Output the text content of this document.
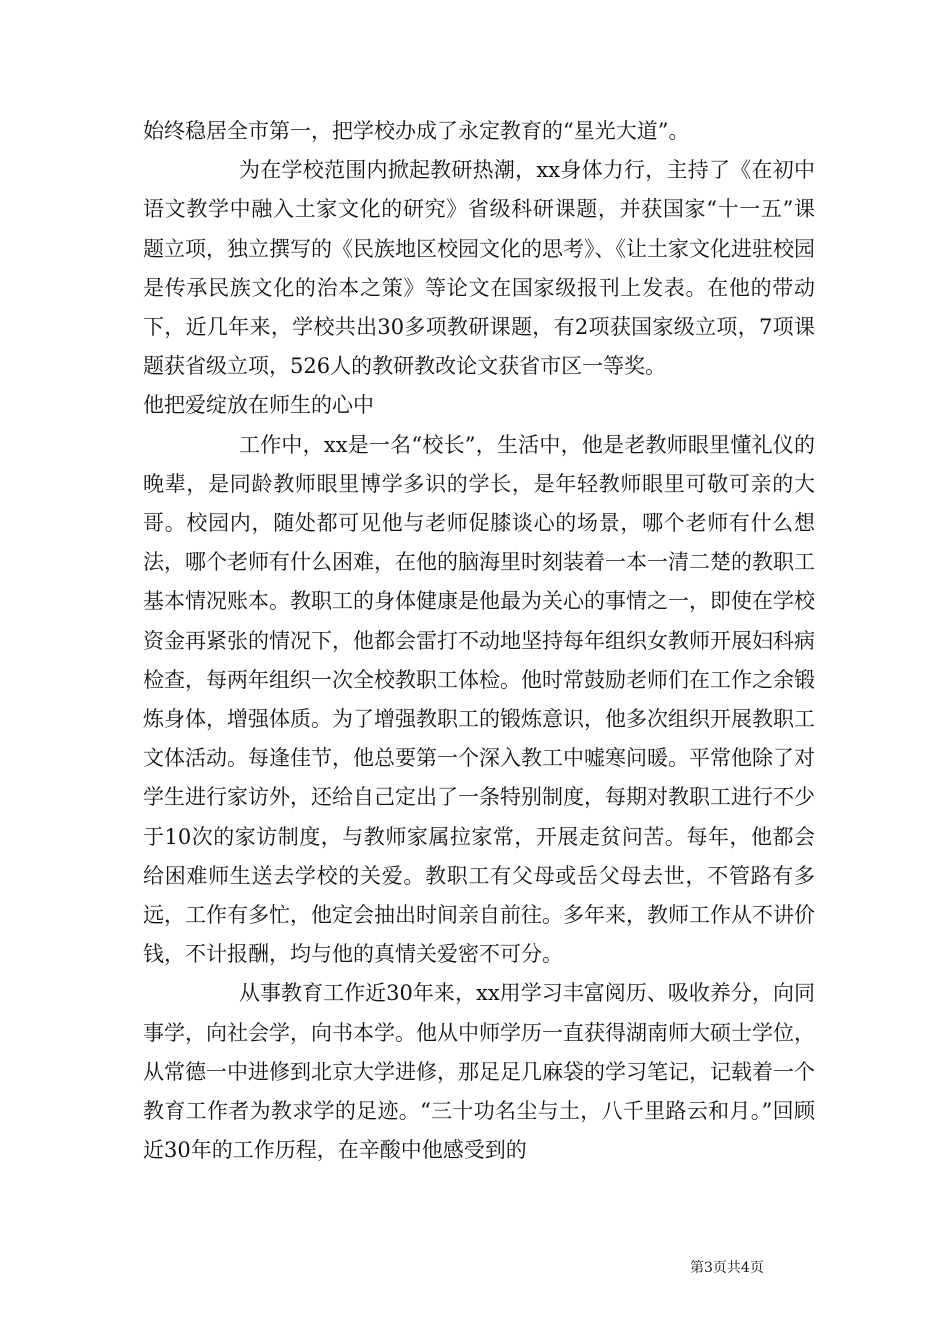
始终稳居全市第一，把学校办成了永定教育的“星光大道”。

为在学校范围内掀起教研热潮，xx身体力行，主持了《在初中语文教学中融入土家文化的研究》省级科研课题，并获国家“十一五”课题立项，独立撰写的《民族地区校园文化的思考》、《让土家文化进驻校园是传承民族文化的治本之策》等论文在国家级报刊上发表。在他的带动下，近几年来，学校共出30多项教研课题，有2项获国家级立项，7项课题获省级立项，526人的教研教改论文获省市区一等奖。

他把爱绽放在师生的心中

工作中，xx是一名“校长”，生活中，他是老教师眼里懂礼仪的晚辈，是同龄教师眼里博学多识的学长，是年轻教师眼里可敬可亲的大哥。校园内，随处都可见他与老师促膝谈心的场景，哪个老师有什么想法，哪个老师有什么困难，在他的脑海里时刻装着一本一清二楚的教职工基本情况账本。教职工的身体健康是他最为关心的事情之一，即使在学校资金再紧张的情况下，他都会雷打不动地坚持每年组织女教师开展妇科病检查，每两年组织一次全校教职工体检。他时常鼓励老师们在工作之余锻炼身体，增强体质。为了增强教职工的锻炼意识，他多次组织开展教职工文体活动。每逢佳节，他总要第一个深入教工中嘘寒问暖。平常他除了对学生进行家访外，还给自己定出了一条特别制度，每期对教职工进行不少于10次的家访制度，与教师家属拉家常，开展走贫问苦。每年，他都会给困难师生送去学校的关爱。教职工有父母或岳父母去世，不管路有多远，工作有多忙，他定会抽出时间亲自前往。多年来，教师工作从不讲价钱，不计报酬，均与他的真情关爱密不可分。

从事教育工作近30年来，xx用学习丰富阅历、吸收养分，向同事学，向社会学，向书本学。他从中师学历一直获得湖南师大硕士学位，从常德一中进修到北京大学进修，那足足几麻袋的学习笔记，记载着一个教育工作者为教求学的足迹。“三十功名尘与土，八千里路云和月。”回顾近30年的工作历程，在辛酸中他感受到的

第3页共4页
